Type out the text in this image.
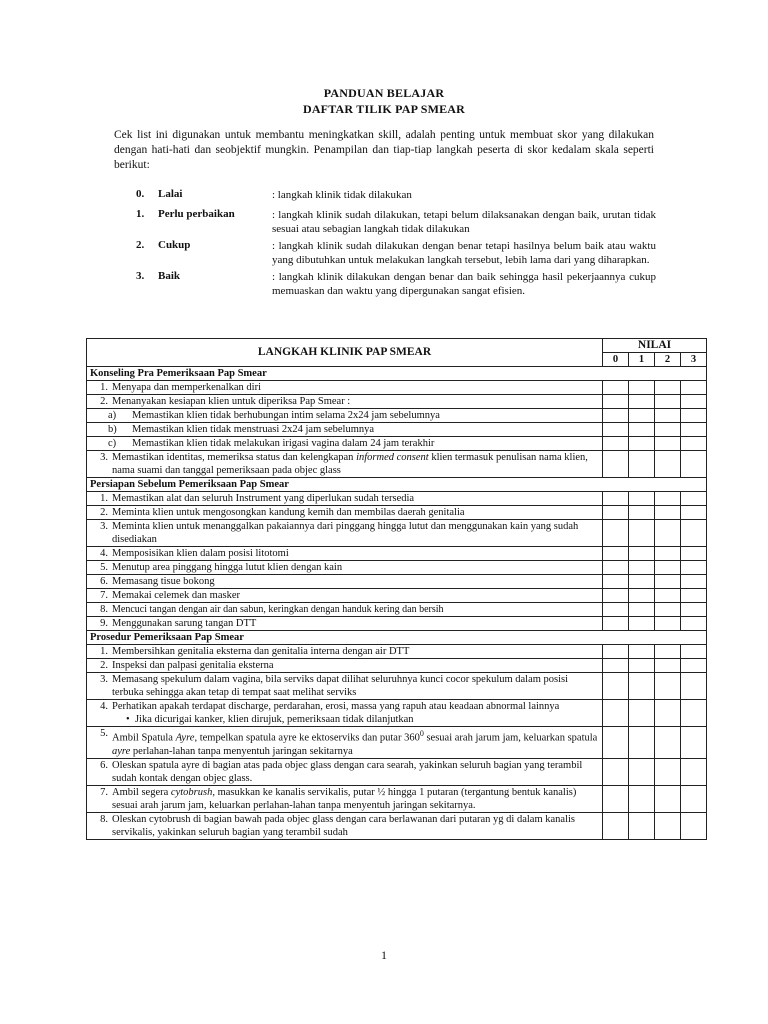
PANDUAN BELAJAR
DAFTAR TILIK PAP SMEAR
Cek list ini digunakan untuk membantu meningkatkan skill, adalah penting untuk membuat skor yang dilakukan dengan hati-hati dan seobjektif mungkin. Penampilan dan tiap-tiap langkah peserta di skor kedalam skala seperti berikut:
0.	Lalai	: langkah klinik tidak dilakukan
1.	Perlu perbaikan	: langkah klinik sudah dilakukan, tetapi belum dilaksanakan dengan baik, urutan tidak sesuai atau sebagian langkah tidak dilakukan
2.	Cukup	: langkah klinik sudah dilakukan dengan benar tetapi hasilnya belum baik atau waktu yang dibutuhkan untuk melakukan langkah tersebut, lebih lama dari yang diharapkan.
3.	Baik	: langkah klinik dilakukan dengan benar dan baik sehingga hasil pekerjaannya cukup memuaskan dan waktu yang dipergunakan sangat efisien.
LANGKAH KLINIK PAP SMEAR	NILAI			
	0	1	2	3
Konseling Pra Pemeriksaan Pap Smear				

1. Menyapa dan memperkenalkan diri				

2. Menanyakan kesiapan klien untuk diperiksa Pap Smear :				

a) Memastikan klien tidak berhubungan intim selama 2x24 jam sebelumnya				

b) Memastikan klien tidak menstruasi 2x24 jam sebelumnya				

c) Memastikan klien tidak melakukan irigasi vagina dalam 24 jam terakhir				

3. Memastikan identitas, memeriksa status dan kelengkapan informed consent klien termasuk penulisan nama klien, nama suami dan tanggal pemeriksaan pada objec glass				

Persiapan Sebelum Pemeriksaan Pap Smear				

1. Memastikan alat dan seluruh Instrument yang diperlukan sudah tersedia				

2. Meminta klien untuk mengosongkan kandung kemih dan membilas daerah genitalia				

3. Meminta klien untuk menanggalkan pakaiannya dari pinggang hingga lutut dan menggunakan kain yang sudah disediakan				

4. Memposisikan klien dalam posisi litotomi				

5. Menutup area pinggang hingga lutut klien dengan kain				

6. Memasang tisue bokong				

7. Memakai celemek dan masker				

8. Mencuci tangan dengan air dan sabun, keringkan dengan handuk kering dan bersih				

9. Menggunakan sarung tangan DTT				

Prosedur Pemeriksaan Pap Smear				

1. Membersihkan genitalia eksterna dan genitalia interna dengan air DTT				

2. Inspeksi dan palpasi genitalia eksterna				

3. Memasang spekulum dalam vagina, bila serviks dapat dilihat seluruhnya kunci cocor spekulum dalam posisi terbuka sehingga akan tetap di tempat saat melihat serviks				

4. Perhatikan apakah terdapat discharge, perdarahan, erosi, massa yang rapuh atau keadaan abnormal lainnya
•  Jika dicurigai kanker, klien dirujuk, pemeriksaan tidak dilanjutkan				

5. Ambil Spatula Ayre, tempelkan spatula ayre ke ektoserviks dan putar $360^0$ sesuai arah jarum jam, keluarkan spatula ayre perlahan-lahan tanpa menyentuh jaringan sekitarnya				

6. Oleskan spatula ayre di bagian atas pada objec glass dengan cara searah, yakinkan seluruh bagian yang terambil sudah kontak dengan objec glass.				

7. Ambil segera cytobrush, masukkan ke kanalis servikalis, putar ½ hingga 1 putaran (tergantung bentuk kanalis) sesuai arah jarum jam, keluarkan perlahan-lahan tanpa menyentuh jaringan sekitarnya.				

8. Oleskan cytobrush di bagian bawah pada objec glass dengan cara berlawanan dari putaran yg di dalam kanalis servikalis, yakinkan seluruh bagian yang terambil sudah				

1
